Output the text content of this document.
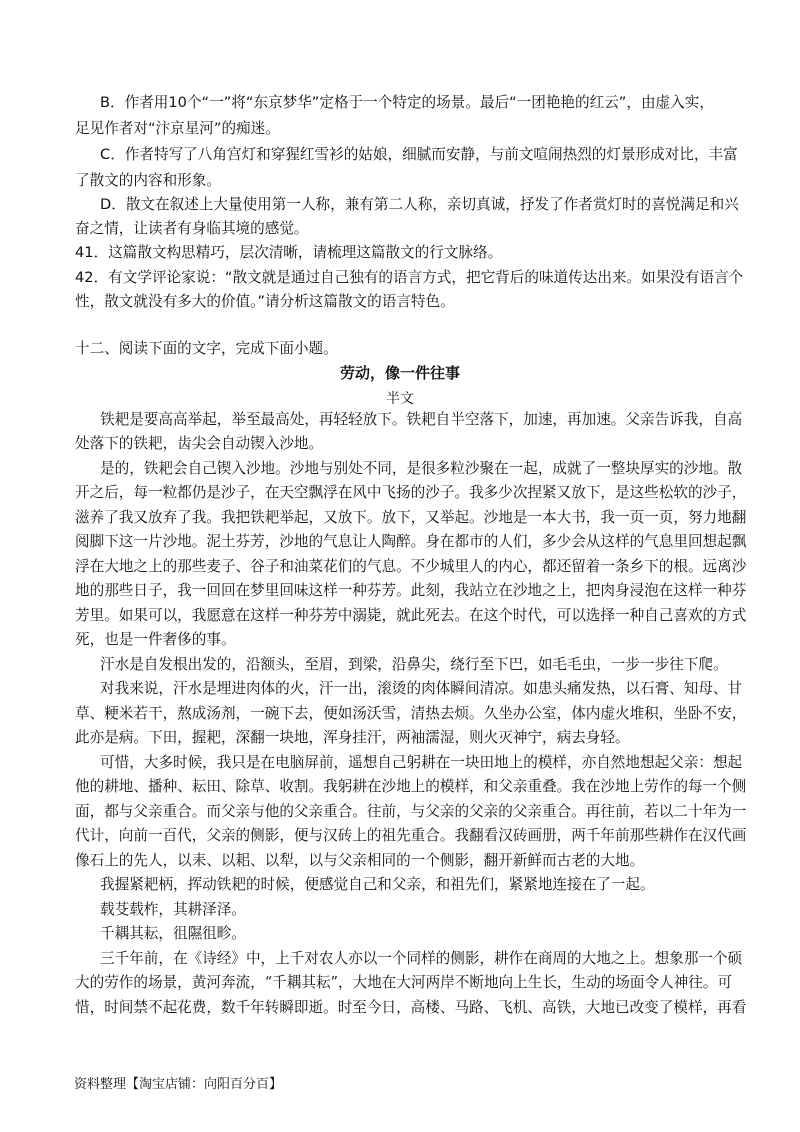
B．作者用10个“一”将“东京梦华”定格于一个特定的场景。最后“一团艳艳的红云”，由虚入实，
足见作者对“汴京星河”的痴迷。
C．作者特写了八角宫灯和穿猩红雪衫的姑娘，细腻而安静，与前文喧闹热烈的灯景形成对比，丰富
了散文的内容和形象。
D．散文在叙述上大量使用第一人称，兼有第二人称，亲切真诚，抒发了作者赏灯时的喜悦满足和兴
奋之情，让读者有身临其境的感觉。
41．这篇散文构思精巧，层次清晰，请梳理这篇散文的行文脉络。
42．有文学评论家说：“散文就是通过自己独有的语言方式，把它背后的味道传达出来。如果没有语言个
性，散文就没有多大的价值。”请分析这篇散文的语言特色。
十二、阅读下面的文字，完成下面小题。
劳动，像一件往事
半文
铁耙是要高高举起，举至最高处，再轻轻放下。铁耙自半空落下，加速，再加速。父亲告诉我，自高
处落下的铁耙，齿尖会自动锲入沙地。
是的，铁耙会自己锲入沙地。沙地与别处不同，是很多粒沙聚在一起，成就了一整块厚实的沙地。散
开之后，每一粒都仍是沙子，在天空飘浮在风中飞扬的沙子。我多少次捏紧又放下，是这些松软的沙子，
滋养了我又放弃了我。我把铁耙举起，又放下。放下，又举起。沙地是一本大书，我一页一页，努力地翻
阅脚下这一片沙地。泥土芬芳，沙地的气息让人陶醉。身在都市的人们，多少会从这样的气息里回想起飘
浮在大地之上的那些麦子、谷子和油菜花们的气息。不少城里人的内心，都还留着一条乡下的根。远离沙
地的那些日子，我一回回在梦里回味这样一种芬芳。此刻，我站立在沙地之上，把肉身浸泡在这样一种芬
芳里。如果可以，我愿意在这样一种芬芳中溺毙，就此死去。在这个时代，可以选择一种自己喜欢的方式
死，也是一件奢侈的事。
汗水是自发根出发的，沿额头，至眉，到梁，沿鼻尖，绕行至下巴，如毛毛虫，一步一步往下爬。
对我来说，汗水是埋进肉体的火，汗一出，滚烫的肉体瞬间清凉。如患头痛发热，以石膏、知母、甘
草、粳米若干，熬成汤剂，一碗下去，便如汤沃雪，清热去烦。久坐办公室，体内虚火堆积，坐卧不安，
此亦是病。下田，握耙，深翻一块地，浑身挂汗，两袖濡湿，则火灭神宁，病去身轻。
可惜，大多时候，我只是在电脑屏前，遥想自己躬耕在一块田地上的模样，亦自然地想起父亲：想起
他的耕地、播种、耘田、除草、收割。我躬耕在沙地上的模样，和父亲重叠。我在沙地上劳作的每一个侧
面，都与父亲重合。而父亲与他的父亲重合。往前，与父亲的父亲的父亲重合。再往前，若以二十年为一
代计，向前一百代，父亲的侧影，便与汉砖上的祖先重合。我翻看汉砖画册，两千年前那些耕作在汉代画
像石上的先人，以耒、以耜、以犁，以与父亲相同的一个侧影，翻开新鲜而古老的大地。
我握紧耙柄，挥动铁耙的时候，便感觉自己和父亲，和祖先们，紧紧地连接在了一起。
载芟载柞，其耕泽泽。
千耦其耘，徂隰徂畛。
三千年前，在《诗经》中，上千对农人亦以一个同样的侧影，耕作在商周的大地之上。想象那一个硕
大的劳作的场景，黄河奔流，“千耦其耘”，大地在大河两岸不断地向上生长，生动的场面令人神往。可
惜，时间禁不起花费，数千年转瞬即逝。时至今日，高楼、马路、飞机、高铁，大地已改变了模样，再看
资料整理【淘宝店铺：向阳百分百】
